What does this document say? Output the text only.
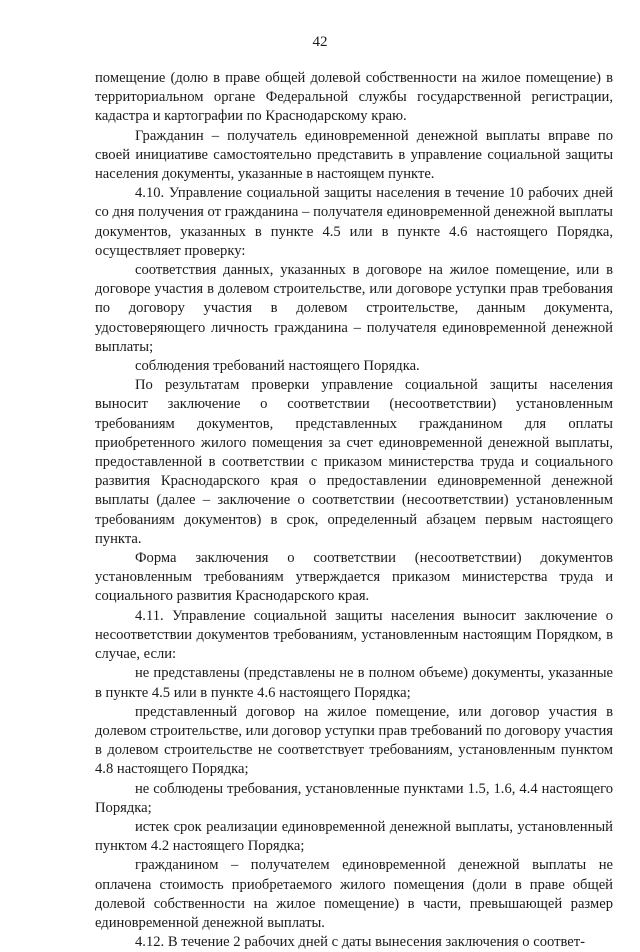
42

помещение (долю в праве общей долевой собственности на жилое помещение) в территориальном органе Федеральной службы государственной регистрации, кадастра и картографии по Краснодарскому краю.

Гражданин – получатель единовременной денежной выплаты вправе по своей инициативе самостоятельно представить в управление социальной защиты населения документы, указанные в настоящем пункте.

4.10. Управление социальной защиты населения в течение 10 рабочих дней со дня получения от гражданина – получателя единовременной денежной выплаты документов, указанных в пункте 4.5 или в пункте 4.6 настоящего Порядка, осуществляет проверку:

соответствия данных, указанных в договоре на жилое помещение, или в договоре участия в долевом строительстве, или договоре уступки прав требования по договору участия в долевом строительстве, данным документа, удостоверяющего личность гражданина – получателя единовременной денежной выплаты;

соблюдения требований настоящего Порядка.

По результатам проверки управление социальной защиты населения выносит заключение о соответствии (несоответствии) установленным требованиям документов, представленных гражданином для оплаты приобретенного жилого помещения за счет единовременной денежной выплаты, предоставленной в соответствии с приказом министерства труда и социального развития Краснодарского края о предоставлении единовременной денежной выплаты (далее – заключение о соответствии (несоответствии) установленным требованиям документов) в срок, определенный абзацем первым настоящего пункта.

Форма заключения о соответствии (несоответствии) документов установленным требованиям утверждается приказом министерства труда и социального развития Краснодарского края.

4.11. Управление социальной защиты населения выносит заключение о несоответствии документов требованиям, установленным настоящим Порядком, в случае, если:

не представлены (представлены не в полном объеме) документы, указанные в пункте 4.5 или в пункте 4.6 настоящего Порядка;

представленный договор на жилое помещение, или договор участия в долевом строительстве, или договор уступки прав требований по договору участия в долевом строительстве не соответствует требованиям, установленным пунктом 4.8 настоящего Порядка;

не соблюдены требования, установленные пунктами 1.5, 1.6, 4.4 настоящего Порядка;

истек срок реализации единовременной денежной выплаты, установленный пунктом 4.2 настоящего Порядка;

гражданином – получателем единовременной денежной выплаты не оплачена стоимость приобретаемого жилого помещения (доли в праве общей долевой собственности на жилое помещение) в части, превышающей размер единовременной денежной выплаты.

4.12. В течение 2 рабочих дней с даты вынесения заключения о соответ-
